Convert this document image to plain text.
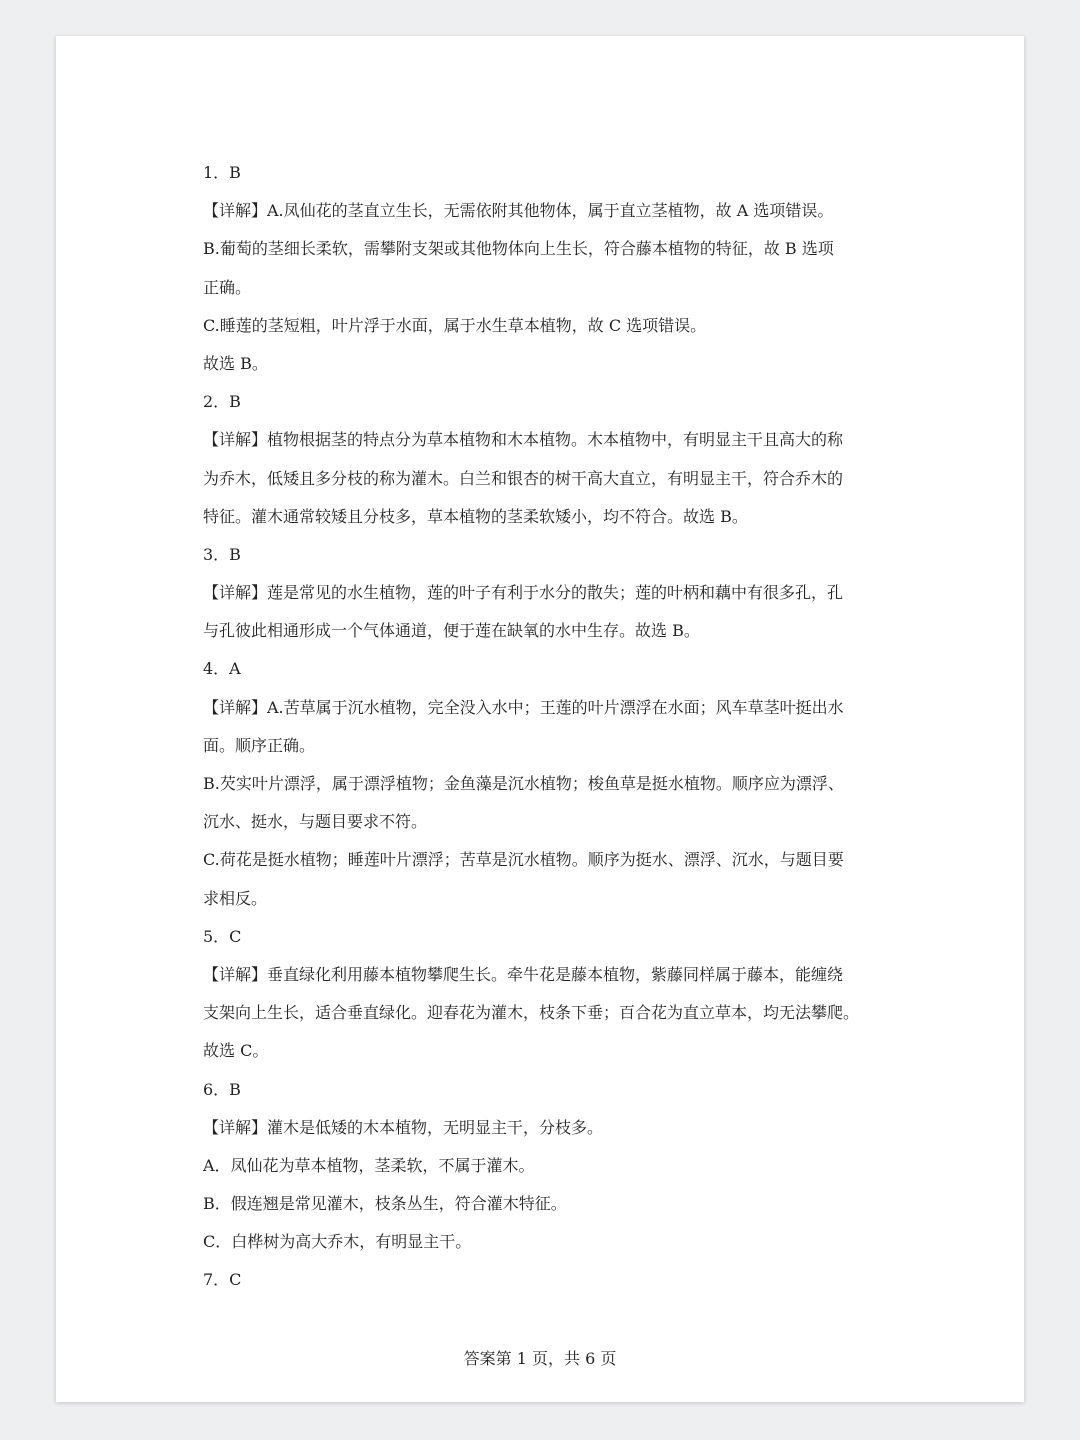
1．B
【详解】A.凤仙花的茎直立生长，无需依附其他物体，属于直立茎植物，故 A 选项错误。
B.葡萄的茎细长柔软，需攀附支架或其他物体向上生长，符合藤本植物的特征，故 B 选项
正确。
C.睡莲的茎短粗，叶片浮于水面，属于水生草本植物，故 C 选项错误。
故选 B。
2．B
【详解】植物根据茎的特点分为草本植物和木本植物。木本植物中，有明显主干且高大的称
为乔木，低矮且多分枝的称为灌木。白兰和银杏的树干高大直立，有明显主干，符合乔木的
特征。灌木通常较矮且分枝多，草本植物的茎柔软矮小，均不符合。故选 B。
3．B
【详解】莲是常见的水生植物，莲的叶子有利于水分的散失；莲的叶柄和藕中有很多孔，孔
与孔彼此相通形成一个气体通道，便于莲在缺氧的水中生存。故选 B。
4．A
【详解】A.苦草属于沉水植物，完全没入水中；王莲的叶片漂浮在水面；风车草茎叶挺出水
面。顺序正确。
B.芡实叶片漂浮，属于漂浮植物；金鱼藻是沉水植物；梭鱼草是挺水植物。顺序应为漂浮、
沉水、挺水，与题目要求不符。
C.荷花是挺水植物；睡莲叶片漂浮；苦草是沉水植物。顺序为挺水、漂浮、沉水，与题目要
求相反。
5．C
【详解】垂直绿化利用藤本植物攀爬生长。牵牛花是藤本植物，紫藤同样属于藤本，能缠绕
支架向上生长，适合垂直绿化。迎春花为灌木，枝条下垂；百合花为直立草本，均无法攀爬。
故选 C。
6．B
【详解】灌木是低矮的木本植物，无明显主干，分枝多。
A．凤仙花为草本植物，茎柔软，不属于灌木。
B．假连翘是常见灌木，枝条丛生，符合灌木特征。
C．白桦树为高大乔木，有明显主干。
7．C
答案第 1 页，共 6 页
